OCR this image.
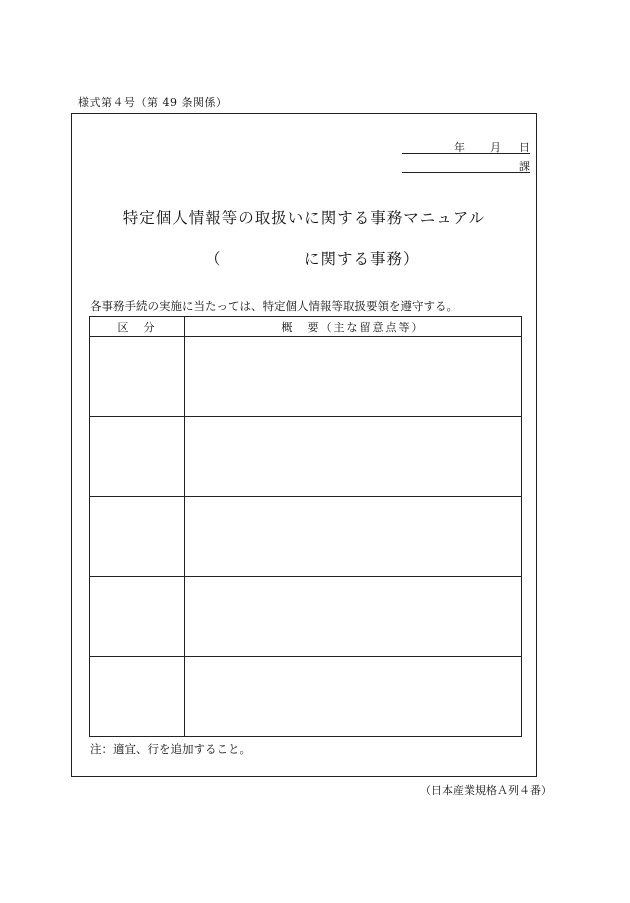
様式第４号（第 49 条関係）
年 月 日
課
特定個人情報等の取扱いに関する事務マニュアル
（	に関する事務）
各事務手続の実施に当たっては、特定個人情報等取扱要領を遵守する。
区　分	概　要（主な留意点等）

注：適宜、行を追加すること。
（日本産業規格Ａ列４番）
